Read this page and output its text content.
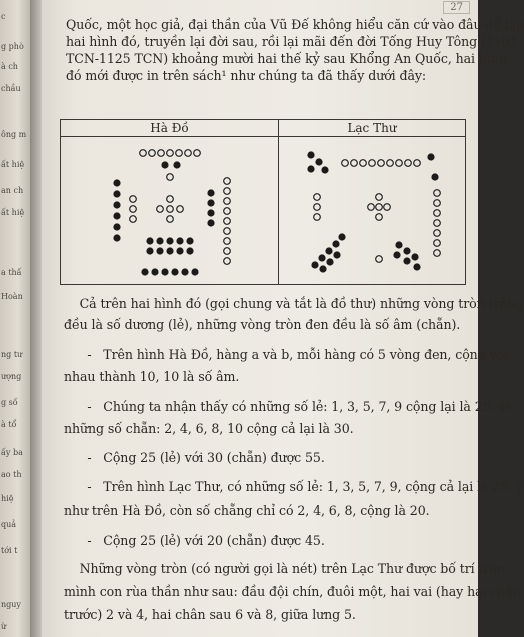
c
g phò
à ch
chầu
ông m
ất hiệ
an ch
ất hiệ
a thấ
Hoàn
ng tư
ượng
g số
à tổ
ấy ba
ao th
hiệ
quả
tới t
nguy
ừ
27
Quốc, một học giả, đại thần của Vũ Đế không hiểu căn cứ vào đâu để lập
hai hình đó, truyền lại đời sau, rồi lại mãi đến đời Tống Huy Tông (1101
TCN-1125 TCN) khoảng mười hai thế kỷ sau Khổng An Quốc, hai hình
đó mới được in trên sách¹ như chúng ta đã thấy dưới đây:
Hà Đồ	Lạc Thư

Cả trên hai hình đó (gọi chung và tắt là đồ thư) những vòng tròn trắng
đều là số dương (lẻ), những vòng tròn đen đều là số âm (chẵn).
-   Trên hình Hà Đồ, hàng a và b, mỗi hàng có 5 vòng đen, cộng với
nhau thành 10, 10 là số âm.
-   Chúng ta nhận thấy có những số lẻ: 1, 3, 5, 7, 9 cộng lại là 25, và
những số chẵn: 2, 4, 6, 8, 10 cộng cả lại là 30.
-   Cộng 25 (lẻ) với 30 (chẵn) được 55.
-   Trên hình Lạc Thư, có những số lẻ: 1, 3, 5, 7, 9, cộng cả lại là 25, y
như trên Hà Đồ, còn số chẵng chỉ có 2, 4, 6, 8, cộng là 20.
-   Cộng 25 (lẻ) với 20 (chẵn) được 45.
Những vòng tròn (có người gọi là nét) trên Lạc Thư được bố trí trên
mình con rùa thần như sau: đầu đội chín, đuôi một, hai vai (hay hai chân
trước) 2 và 4, hai chân sau 6 và 8, giữa lưng 5.
